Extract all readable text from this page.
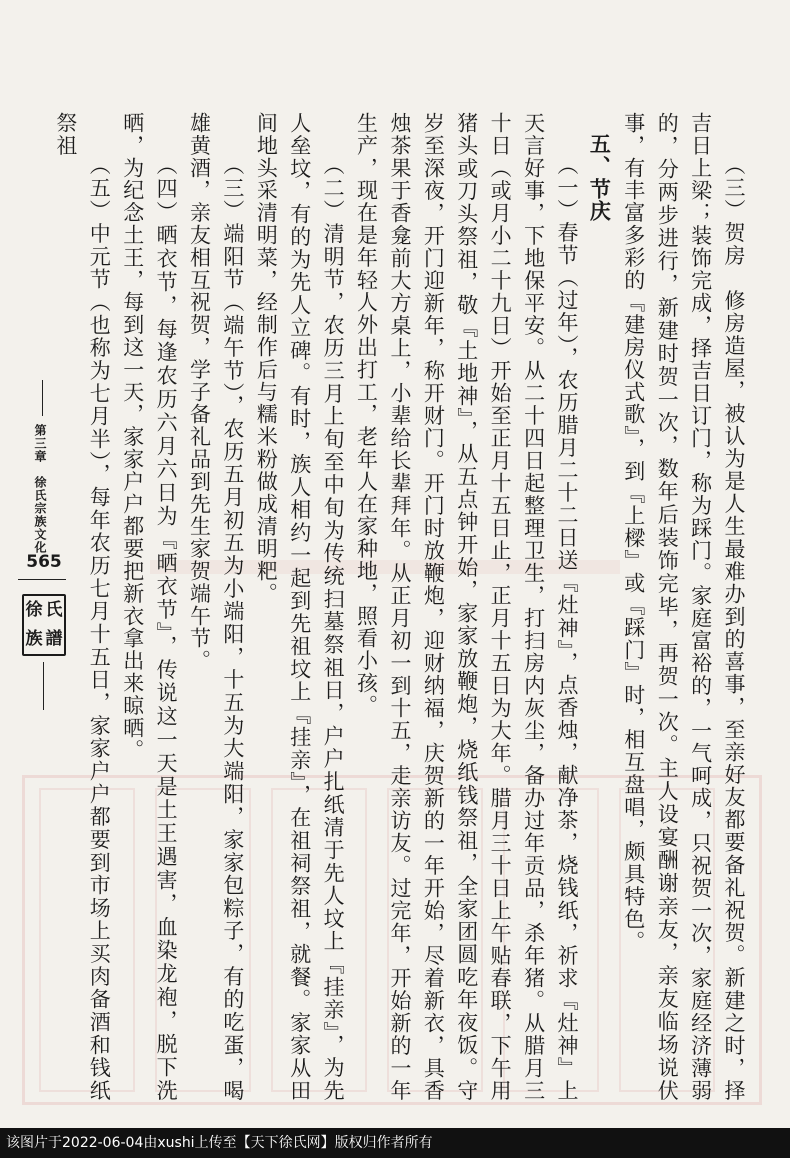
（三）贺房　修房造屋，被认为是人生最难办到的喜事，至亲好友都要备礼祝贺。新建之时，择吉日上梁；装饰完成，择吉日订门，称为踩门。家庭富裕的，一气呵成，只祝贺一次，家庭经济薄弱的，分两步进行，新建时贺一次，数年后装饰完毕，再贺一次。主人设宴酬谢亲友，亲友临场说伏事，有丰富多彩的『建房仪式歌』，到『上樑』或『踩门』时，相互盘唱，颇具特色。

五、节庆

（一）春节（过年），农历腊月二十二日送『灶神』，点香烛，献净茶，烧钱纸，祈求『灶神』上天言好事，下地保平安。从二十四日起整理卫生，打扫房内灰尘，备办过年贡品，杀年猪。从腊月三十日（或月小二十九日）开始至正月十五日止，正月十五日为大年。腊月三十日上午贴春联，下午用猪头或刀头祭祖，敬『土地神』，从五点钟开始，家家放鞭炮，烧纸钱祭祖，全家团圆吃年夜饭。守岁至深夜，开门迎新年，称开财门。开门时放鞭炮，迎财纳福，庆贺新的一年开始，尽着新衣，具香烛茶果于香龛前大方桌上，小辈给长辈拜年。从正月初一到十五，走亲访友。过完年，开始新的一年生产，现在是年轻人外出打工，老年人在家种地，照看小孩。

（二）清明节，农历三月上旬至中旬为传统扫墓祭祖日，户户扎纸清于先人坟上『挂亲』，为先人垒坟，有的为先人立碑。有时，族人相约一起到先祖坟上『挂亲』，在祖祠祭祖，就餐。家家从田间地头采清明菜，经制作后与糯米粉做成清明粑。

（三）端阳节（端午节），农历五月初五为小端阳，十五为大端阳，家家包粽子，有的吃蛋，喝雄黄酒，亲友相互祝贺，学子备礼品到先生家贺端午节。

（四）晒衣节，每逢农历六月六日为『晒衣节』，传说这一天是土王遇害，血染龙袍，脱下洗晒，为纪念土王，每到这一天，家家户户都要把新衣拿出来晾晒。

（五）中元节（也称为七月半），每年农历七月十五日，家家户户都要到市场上买肉备酒和钱纸祭祖

第三章　徐氏宗族文化
565
徐 氏
族 譜
该图片于2022-06-04由xushi上传至【天下徐氏网】版权归作者所有
